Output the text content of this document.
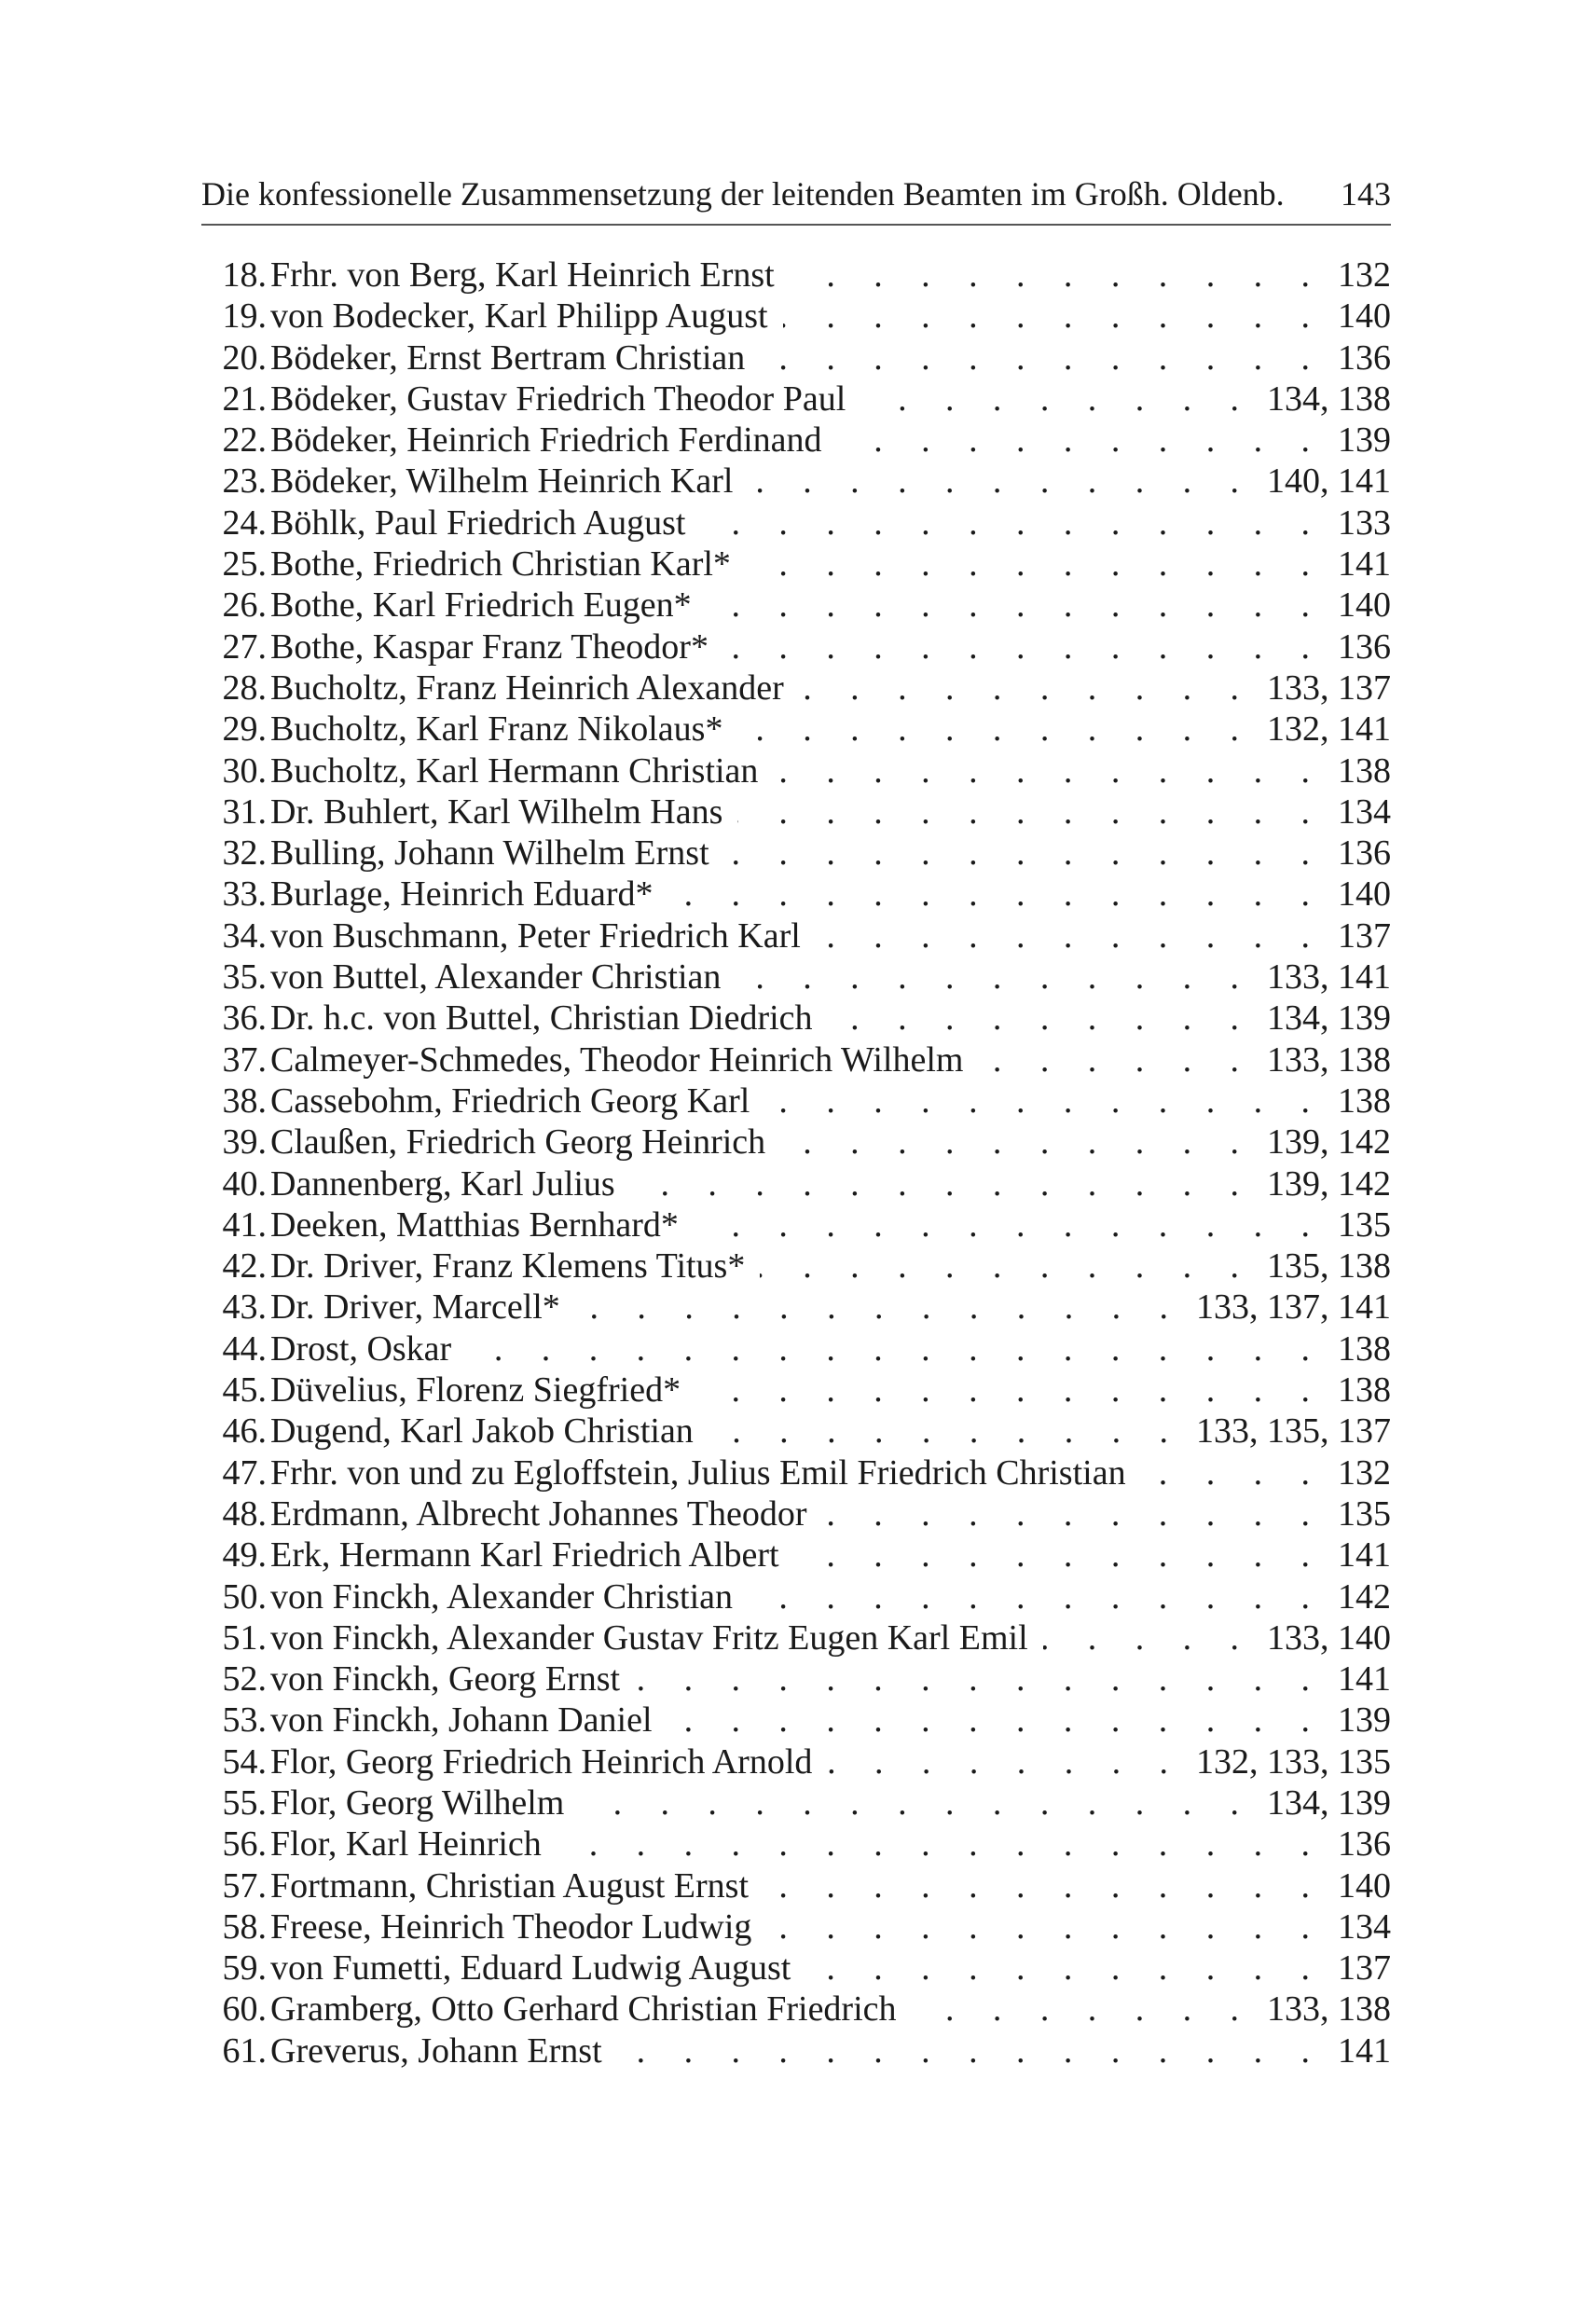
Die konfessionelle Zusammensetzung der leitenden Beamten im Großh. Oldenb. 143
18. Frhr. von Berg, Karl Heinrich Ernst . . .	132
19. von Bodecker, Karl Philipp August . . .	140
20. Bödeker, Ernst Bertram Christian . . .	136
21. Bödeker, Gustav Friedrich Theodor Paul . . .	134, 138
22. Bödeker, Heinrich Friedrich Ferdinand . . .	139
23. Bödeker, Wilhelm Heinrich Karl . . .	140, 141
24. Böhlk, Paul Friedrich August . . .	133
25. Bothe, Friedrich Christian Karl* . . .	141
26. Bothe, Karl Friedrich Eugen* . . .	140
27. Bothe, Kaspar Franz Theodor* . . .	136
28. Bucholtz, Franz Heinrich Alexander . . .	133, 137
29. Bucholtz, Karl Franz Nikolaus* . . .	132, 141
30. Bucholtz, Karl Hermann Christian . . .	138
31. Dr. Buhlert, Karl Wilhelm Hans . . .	134
32. Bulling, Johann Wilhelm Ernst . . .	136
33. Burlage, Heinrich Eduard* . . .	140
34. von Buschmann, Peter Friedrich Karl . . .	137
35. von Buttel, Alexander Christian . . .	133, 141
36. Dr. h.c. von Buttel, Christian Diedrich . . .	134, 139
37. Calmeyer-Schmedes, Theodor Heinrich Wilhelm . . .	133, 138
38. Cassebohm, Friedrich Georg Karl . . .	138
39. Claußen, Friedrich Georg Heinrich . . .	139, 142
40. Dannenberg, Karl Julius . . .	139, 142
41. Deeken, Matthias Bernhard* . . .	135
42. Dr. Driver, Franz Klemens Titus* . . .	135, 138
43. Dr. Driver, Marcell* . . .	133, 137, 141
44. Drost, Oskar . . .	138
45. Düvelius, Florenz Siegfried* . . .	138
46. Dugend, Karl Jakob Christian . . .	133, 135, 137
47. Frhr. von und zu Egloffstein, Julius Emil Friedrich Christian . . .	132
48. Erdmann, Albrecht Johannes Theodor . . .	135
49. Erk, Hermann Karl Friedrich Albert . . .	141
50. von Finckh, Alexander Christian . . .	142
51. von Finckh, Alexander Gustav Fritz Eugen Karl Emil . . .	133, 140
52. von Finckh, Georg Ernst . . .	141
53. von Finckh, Johann Daniel . . .	139
54. Flor, Georg Friedrich Heinrich Arnold . . .	132, 133, 135
55. Flor, Georg Wilhelm . . .	134, 139
56. Flor, Karl Heinrich . . .	136
57. Fortmann, Christian August Ernst . . .	140
58. Freese, Heinrich Theodor Ludwig . . .	134
59. von Fumetti, Eduard Ludwig August . . .	137
60. Gramberg, Otto Gerhard Christian Friedrich . . .	133, 138
61. Greverus, Johann Ernst . . .	141
